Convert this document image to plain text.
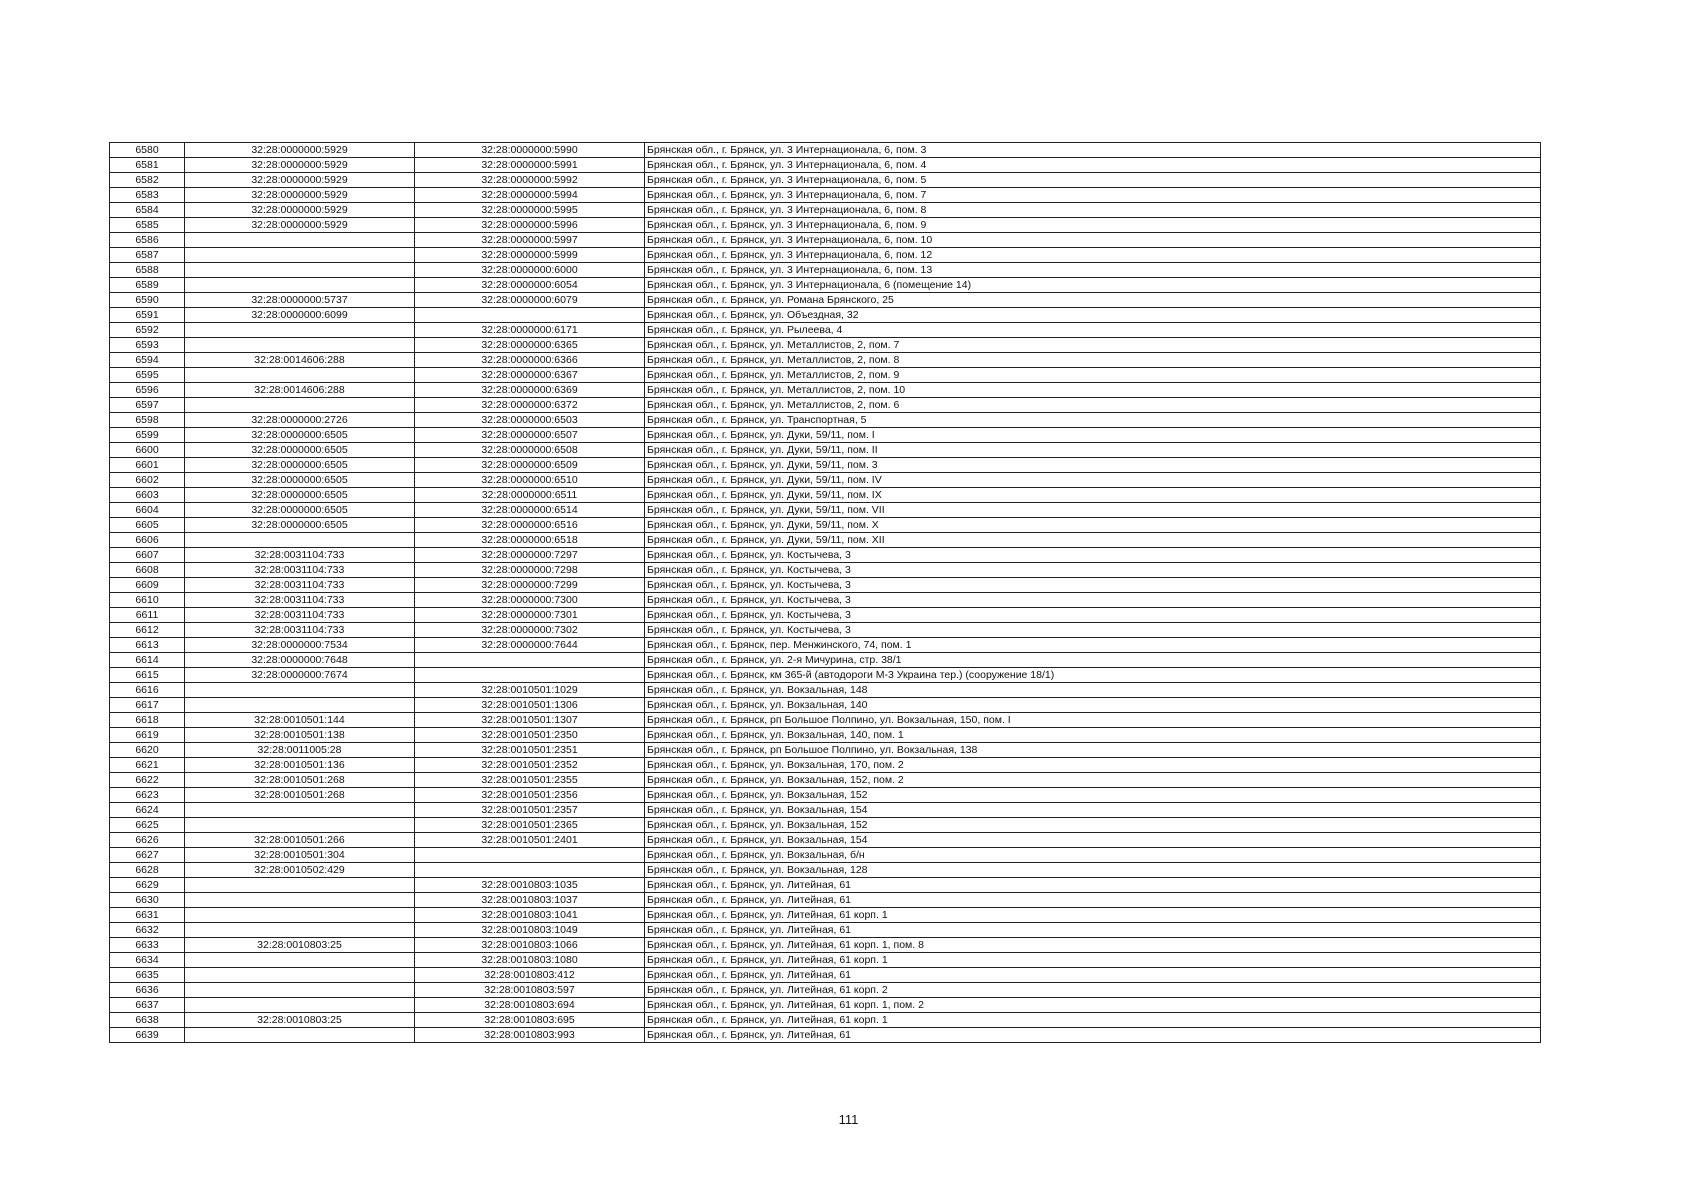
6580	32:28:0000000:5929	32:28:0000000:5990	Брянская обл., г. Брянск, ул. 3 Интернационала, 6, пом. 3
6581	32:28:0000000:5929	32:28:0000000:5991	Брянская обл., г. Брянск, ул. 3 Интернационала, 6, пом. 4
6582	32:28:0000000:5929	32:28:0000000:5992	Брянская обл., г. Брянск, ул. 3 Интернационала, 6, пом. 5
6583	32:28:0000000:5929	32:28:0000000:5994	Брянская обл., г. Брянск, ул. 3 Интернационала, 6, пом. 7
6584	32:28:0000000:5929	32:28:0000000:5995	Брянская обл., г. Брянск, ул. 3 Интернационала, 6, пом. 8
6585	32:28:0000000:5929	32:28:0000000:5996	Брянская обл., г. Брянск, ул. 3 Интернационала, 6, пом. 9
6586		32:28:0000000:5997	Брянская обл., г. Брянск, ул. 3 Интернационала, 6, пом. 10
6587		32:28:0000000:5999	Брянская обл., г. Брянск, ул. 3 Интернационала, 6, пом. 12
6588		32:28:0000000:6000	Брянская обл., г. Брянск, ул. 3 Интернационала, 6, пом. 13
6589		32:28:0000000:6054	Брянская обл., г. Брянск, ул. 3 Интернационала, 6 (помещение 14)
6590	32:28:0000000:5737	32:28:0000000:6079	Брянская обл., г. Брянск, ул. Романа Брянского, 25
6591	32:28:0000000:6099		Брянская обл., г. Брянск, ул. Объездная, 32
6592		32:28:0000000:6171	Брянская обл., г. Брянск, ул. Рылеева, 4
6593		32:28:0000000:6365	Брянская обл., г. Брянск, ул. Металлистов, 2, пом. 7
6594	32:28:0014606:288	32:28:0000000:6366	Брянская обл., г. Брянск, ул. Металлистов, 2, пом. 8
6595		32:28:0000000:6367	Брянская обл., г. Брянск, ул. Металлистов, 2, пом. 9
6596	32:28:0014606:288	32:28:0000000:6369	Брянская обл., г. Брянск, ул. Металлистов, 2, пом. 10
6597		32:28:0000000:6372	Брянская обл., г. Брянск, ул. Металлистов, 2, пом. 6
6598	32:28:0000000:2726	32:28:0000000:6503	Брянская обл., г. Брянск, ул. Транспортная, 5
6599	32:28:0000000:6505	32:28:0000000:6507	Брянская обл., г. Брянск, ул. Дуки, 59/11, пом. I
6600	32:28:0000000:6505	32:28:0000000:6508	Брянская обл., г. Брянск, ул. Дуки, 59/11, пом. II
6601	32:28:0000000:6505	32:28:0000000:6509	Брянская обл., г. Брянск, ул. Дуки, 59/11, пом. 3
6602	32:28:0000000:6505	32:28:0000000:6510	Брянская обл., г. Брянск, ул. Дуки, 59/11, пом. IV
6603	32:28:0000000:6505	32:28:0000000:6511	Брянская обл., г. Брянск, ул. Дуки, 59/11, пом. IX
6604	32:28:0000000:6505	32:28:0000000:6514	Брянская обл., г. Брянск, ул. Дуки, 59/11, пом. VII
6605	32:28:0000000:6505	32:28:0000000:6516	Брянская обл., г. Брянск, ул. Дуки, 59/11, пом. X
6606		32:28:0000000:6518	Брянская обл., г. Брянск, ул. Дуки, 59/11, пом. XII
6607	32:28:0031104:733	32:28:0000000:7297	Брянская обл., г. Брянск, ул. Костычева, 3
6608	32:28:0031104:733	32:28:0000000:7298	Брянская обл., г. Брянск, ул. Костычева, 3
6609	32:28:0031104:733	32:28:0000000:7299	Брянская обл., г. Брянск, ул. Костычева, 3
6610	32:28:0031104:733	32:28:0000000:7300	Брянская обл., г. Брянск, ул. Костычева, 3
6611	32:28:0031104:733	32:28:0000000:7301	Брянская обл., г. Брянск, ул. Костычева, 3
6612	32:28:0031104:733	32:28:0000000:7302	Брянская обл., г. Брянск, ул. Костычева, 3
6613	32:28:0000000:7534	32:28:0000000:7644	Брянская обл., г. Брянск, пер. Менжинского, 74, пом. 1
6614	32:28:0000000:7648		Брянская обл., г. Брянск, ул. 2-я Мичурина, стр. 38/1
6615	32:28:0000000:7674		Брянская обл., г. Брянск, км 365-й (автодороги М-3 Украина тер.) (сооружение 18/1)
6616		32:28:0010501:1029	Брянская обл., г. Брянск, ул. Вокзальная, 148
6617		32:28:0010501:1306	Брянская обл., г. Брянск, ул. Вокзальная, 140
6618	32:28:0010501:144	32:28:0010501:1307	Брянская обл., г. Брянск, рп Большое Полпино, ул. Вокзальная, 150, пом. I
6619	32:28:0010501:138	32:28:0010501:2350	Брянская обл., г. Брянск, ул. Вокзальная, 140, пом. 1
6620	32:28:0011005:28	32:28:0010501:2351	Брянская обл., г. Брянск, рп Большое Полпино, ул. Вокзальная, 138
6621	32:28:0010501:136	32:28:0010501:2352	Брянская обл., г. Брянск, ул. Вокзальная, 170, пом. 2
6622	32:28:0010501:268	32:28:0010501:2355	Брянская обл., г. Брянск, ул. Вокзальная, 152, пом. 2
6623	32:28:0010501:268	32:28:0010501:2356	Брянская обл., г. Брянск, ул. Вокзальная, 152
6624		32:28:0010501:2357	Брянская обл., г. Брянск, ул. Вокзальная, 154
6625		32:28:0010501:2365	Брянская обл., г. Брянск, ул. Вокзальная, 152
6626	32:28:0010501:266	32:28:0010501:2401	Брянская обл., г. Брянск, ул. Вокзальная, 154
6627	32:28:0010501:304		Брянская обл., г. Брянск, ул. Вокзальная, б/н
6628	32:28:0010502:429		Брянская обл., г. Брянск, ул. Вокзальная, 128
6629		32:28:0010803:1035	Брянская обл., г. Брянск, ул. Литейная, 61
6630		32:28:0010803:1037	Брянская обл., г. Брянск, ул. Литейная, 61
6631		32:28:0010803:1041	Брянская обл., г. Брянск, ул. Литейная, 61 корп. 1
6632		32:28:0010803:1049	Брянская обл., г. Брянск, ул. Литейная, 61
6633	32:28:0010803:25	32:28:0010803:1066	Брянская обл., г. Брянск, ул. Литейная, 61 корп. 1, пом. 8
6634		32:28:0010803:1080	Брянская обл., г. Брянск, ул. Литейная, 61 корп. 1
6635		32:28:0010803:412	Брянская обл., г. Брянск, ул. Литейная, 61
6636		32:28:0010803:597	Брянская обл., г. Брянск, ул. Литейная, 61 корп. 2
6637		32:28:0010803:694	Брянская обл., г. Брянск, ул. Литейная, 61 корп. 1, пом. 2
6638	32:28:0010803:25	32:28:0010803:695	Брянская обл., г. Брянск, ул. Литейная, 61 корп. 1
6639		32:28:0010803:993	Брянская обл., г. Брянск, ул. Литейная, 61
111
